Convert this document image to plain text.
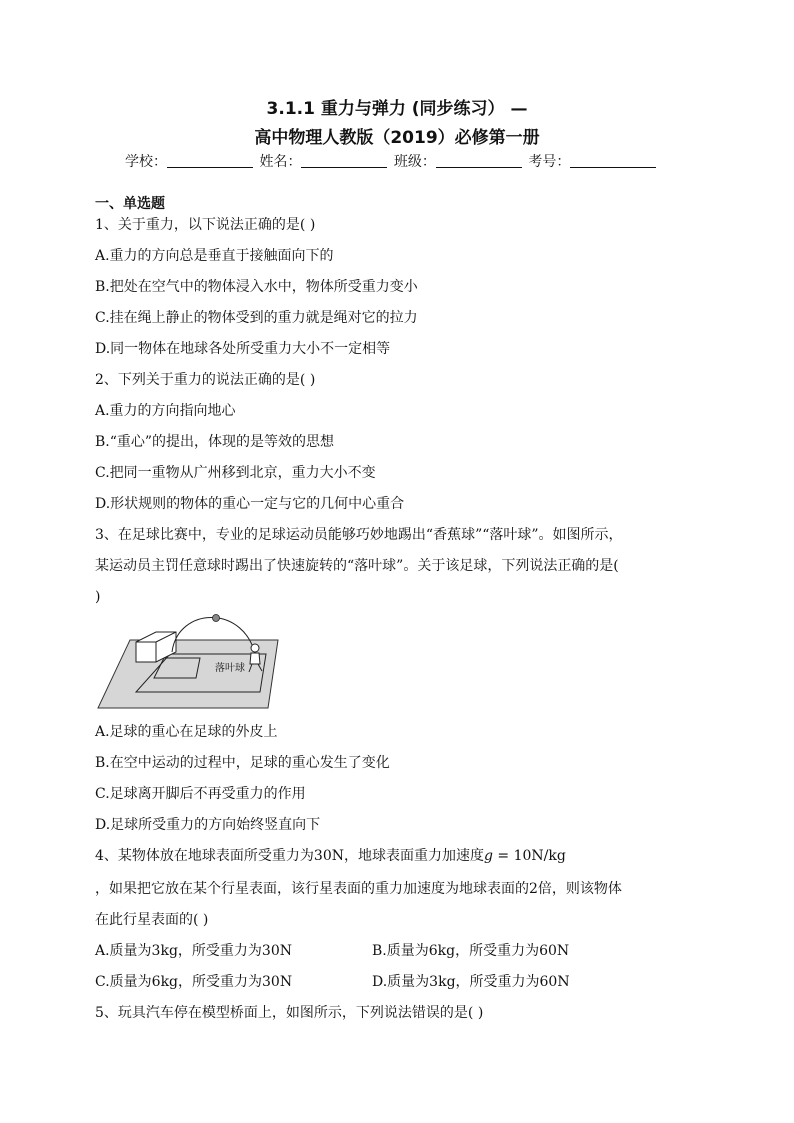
3.1.1 重力与弹力 (同步练习） —
高中物理人教版（2019）必修第一册
学校：	姓名：	班级：	考号：
一、单选题
1、关于重力，以下说法正确的是( )
A.重力的方向总是垂直于接触面向下的
B.把处在空气中的物体浸入水中，物体所受重力变小
C.挂在绳上静止的物体受到的重力就是绳对它的拉力
D.同一物体在地球各处所受重力大小不一定相等
2、下列关于重力的说法正确的是( )
A.重力的方向指向地心
B.“重心”的提出，体现的是等效的思想
C.把同一重物从广州移到北京，重力大小不变
D.形状规则的物体的重心一定与它的几何中心重合
3、在足球比赛中，专业的足球运动员能够巧妙地踢出“香蕉球”“落叶球”。如图所示，
某运动员主罚任意球时踢出了快速旋转的“落叶球”。关于该足球，下列说法正确的是(
)
落叶球
A.足球的重心在足球的外皮上
B.在空中运动的过程中，足球的重心发生了变化
C.足球离开脚后不再受重力的作用
D.足球所受重力的方向始终竖直向下
4、某物体放在地球表面所受重力为30N，地球表面重力加速度g = 10N/kg
，如果把它放在某个行星表面，该行星表面的重力加速度为地球表面的2倍，则该物体
在此行星表面的( )
A.质量为3kg，所受重力为30N	B.质量为6kg，所受重力为60N
C.质量为6kg，所受重力为30N	D.质量为3kg，所受重力为60N
5、玩具汽车停在模型桥面上，如图所示，下列说法错误的是( )
